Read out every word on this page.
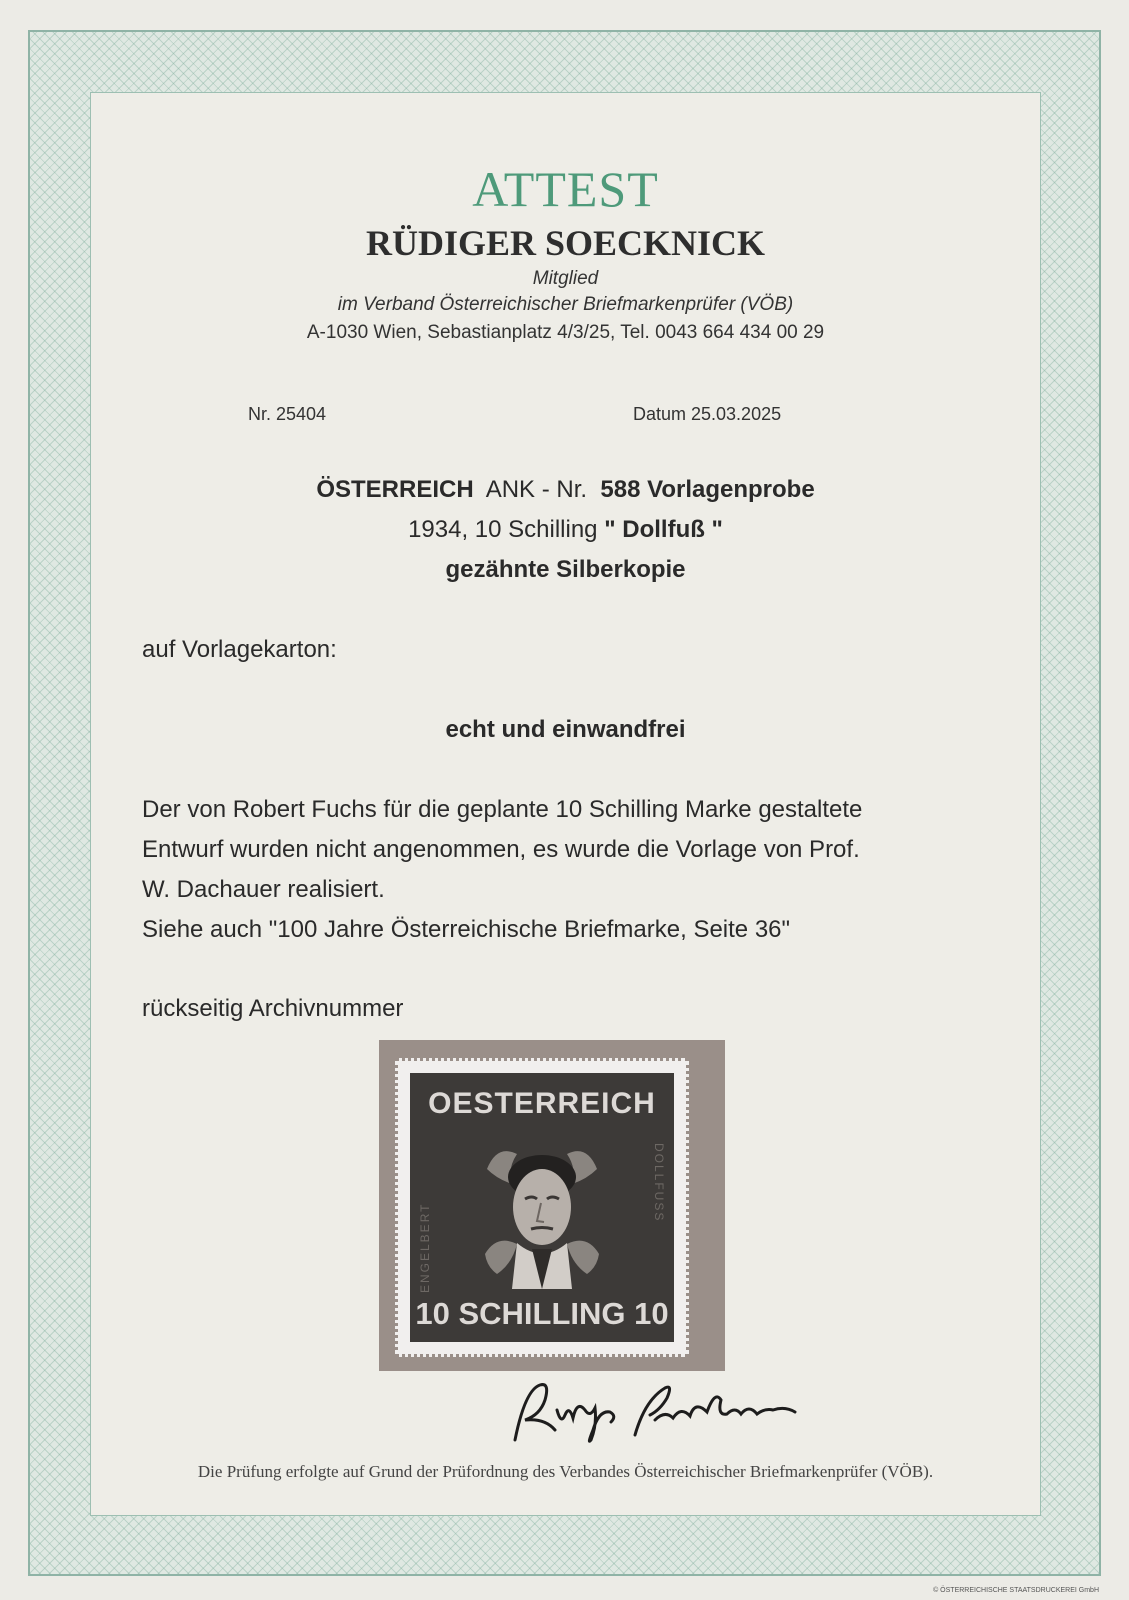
ATTEST
RÜDIGER SOECKNICK
Mitglied
im Verband Österreichischer Briefmarkenprüfer (VÖB)
A-1030 Wien, Sebastianplatz 4/3/25, Tel. 0043 664 434 00 29
Nr. 25404	Datum 25.03.2025
ÖSTERREICH ANK - Nr. 588 Vorlagenprobe
1934, 10 Schilling " Dollfuß "
gezähnte Silberkopie
auf Vorlagekarton:
echt und einwandfrei
Der von Robert Fuchs für die geplante 10 Schilling Marke gestaltete
Entwurf wurden nicht angenommen, es wurde die Vorlage von Prof.
W. Dachauer realisiert.
Siehe auch "100 Jahre Österreichische Briefmarke, Seite 36"
rückseitig Archivnummer
OESTERREICH
ENGELBERT
DOLLFUSS
10 SCHILLING 10
Die Prüfung erfolgte auf Grund der Prüfordnung des Verbandes Österreichischer Briefmarkenprüfer (VÖB).
© ÖSTERREICHISCHE STAATSDRUCKEREI GmbH
